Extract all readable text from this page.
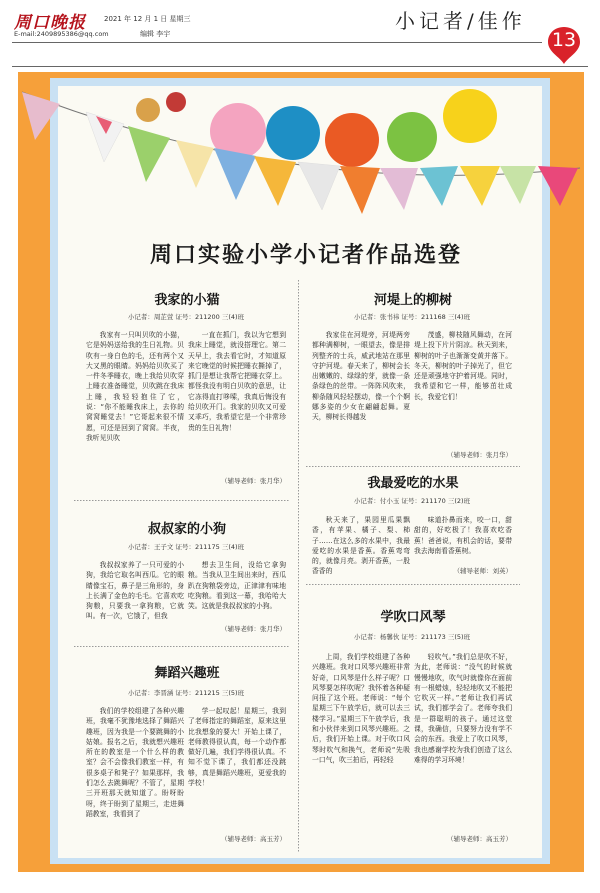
周口晚报
E-mail:2409895386@qq.com
2021 年 12 月 1 日 星期三
编辑 李宇
小记者/佳作
13
周口实验小学小记者作品选登
我家的小猫
小记者：周芷萱 证号：211200 三(4)班

我家有一只叫贝吹的小猫，它是妈妈送给我的生日礼物。贝吹有一身白色的毛，还有两个又大又黑的眼睛。妈妈给贝吹买了一件冬季睡衣，晚上我给贝吹穿上睡衣准备睡觉，贝吹跳在我床上睡，我轻轻抱住了它，说：“你不能睡我床上，去你的窝窝睡觉去！”它哥起来很不情愿，可还是回到了窝窝。半夜，我听见贝吹

一直在抓门，我以为它想到我床上睡觉，就没搭理它。第二天早上，我去看它时，才知道原来它晚觉的时候把睡衣撕掉了，抓门是想让我帮它把睡衣穿上。都怪我没有明白贝吹的意思，让它冻得直打哆嗦，我真后悔没有给贝吹开门。我家的贝吹又可爱又乖巧，我希望它是一个非常珍贵的生日礼物！

（辅导老师：张月华）
叔叔家的小狗
小记者：王子文 证号：211175 三(4)班

我叔叔家养了一只可爱的小狗，我给它取名叫西瓜。它的眼睛像宝石，鼻子是三角形的，身上长满了金色的毛毛。它喜欢吃狗粮，只要我一拿狗粮，它就叫。有一次，它饿了，但我

想去卫生间，没给它拿狗粮。当我从卫生间出来时，西瓜趴在狗粮袋旁边，正津津有味地吃狗粮。看到这一幕，我哈哈大笑。这就是我叔叔家的小狗。

（辅导老师：张月华）
舞蹈兴趣班
小记者：李晋涵 证号：211215 三(5)班

我们的学校组建了各种兴趣班，我毫不犹豫地选择了舞蹈兴趣班，因为我是一个要跳舞的小姑娘。报名之后，我就想兴趣班所在的教室是一个什么样的教室？会不会像我们教室一样，有很多桌子和凳子？如果那样，我们怎么去跳舞呢？不管了，星期三开班那天就知道了。盼呀盼呀，终于盼到了星期三，走进舞蹈教室，我看到了

学一起叹起！星期三，我到了老师指定的舞蹈室，原来这里比我想象的要大！开始上课了，老师教得很认真，每一个动作都做好几遍，我们学得很认真。不知不觉下课了，我们都还没跳够，真是舞蹈兴趣班，更爱我的学校！

（辅导老师：高玉芳）
河堤上的柳树
小记者：张书祎 证号：211168 三(4)班

我家住在河堤旁，河堤两旁都种满柳树，一眼望去，像是排列整齐的士兵，威武地站在那里守护河堤。春天来了，柳树会长出嫩嫩的、绿绿的芽，就像一条条绿色的丝带。一阵阵风吹来，柳条随风轻轻摆动，像一个个婀娜多姿的少女在翩翩起舞。夏天，柳树长得越发

茂盛，柳枝随风舞动，在河堤上投下片片阴凉。秋天到来，柳树的叶子也渐渐变黄并落下。冬天，柳树的叶子掉光了，但它还是顽强地守护着河堤。同时，我希望和它一样，能够茁壮成长，我爱它们！

（辅导老师：张月华）
我最爱吃的水果
小记者：付小玉 证号：211170 三(2)班

秋天来了，果园里瓜果飘香，有苹果、橘子、梨、柿子……在这么多的水果中，我最爱吃的水果是香蕉。香蕉弯弯的，就像月亮。剥开香蕉，一股香香的

味道扑鼻而来，咬一口，甜甜的，好吃极了！我喜欢吃香蕉！爸爸说，有机会的话，要带我去海南看香蕉树。

（辅导老师：刘英）
学吹口风琴
小记者：杨馨伙 证号：211173 三(5)班

上周，我们学校组建了各种兴趣班。我对口风琴兴趣班非常好奇，口风琴是什么样子呢？口风琴要怎样吹呢？我怀着各种疑问报了这个班。老师说：“每个星期三下午放学后，就可以去三楼学习。”星期三下午放学后，我和小伙伴来到口风琴兴趣班。之后，我们开始上课。对于吹口风琴时吹气和换气，老师说“先吸一口气，吹三拍后，再轻轻

轻吹气。”我们总是吹不好，为此，老师说：“没气的时候就慢慢地吹，吹气时就像你在面前有一根蜡烛，轻轻地吹又不能把它吹灭一样。”老师让我们再试试，我们都学会了。老师夸我们是一群聪明的孩子。通过这堂课，我确信，只要努力没有学不会的东西。我爱上了吹口风琴，我也感谢学校为我们创造了这么难得的学习环境！

（辅导老师：高玉芳）
